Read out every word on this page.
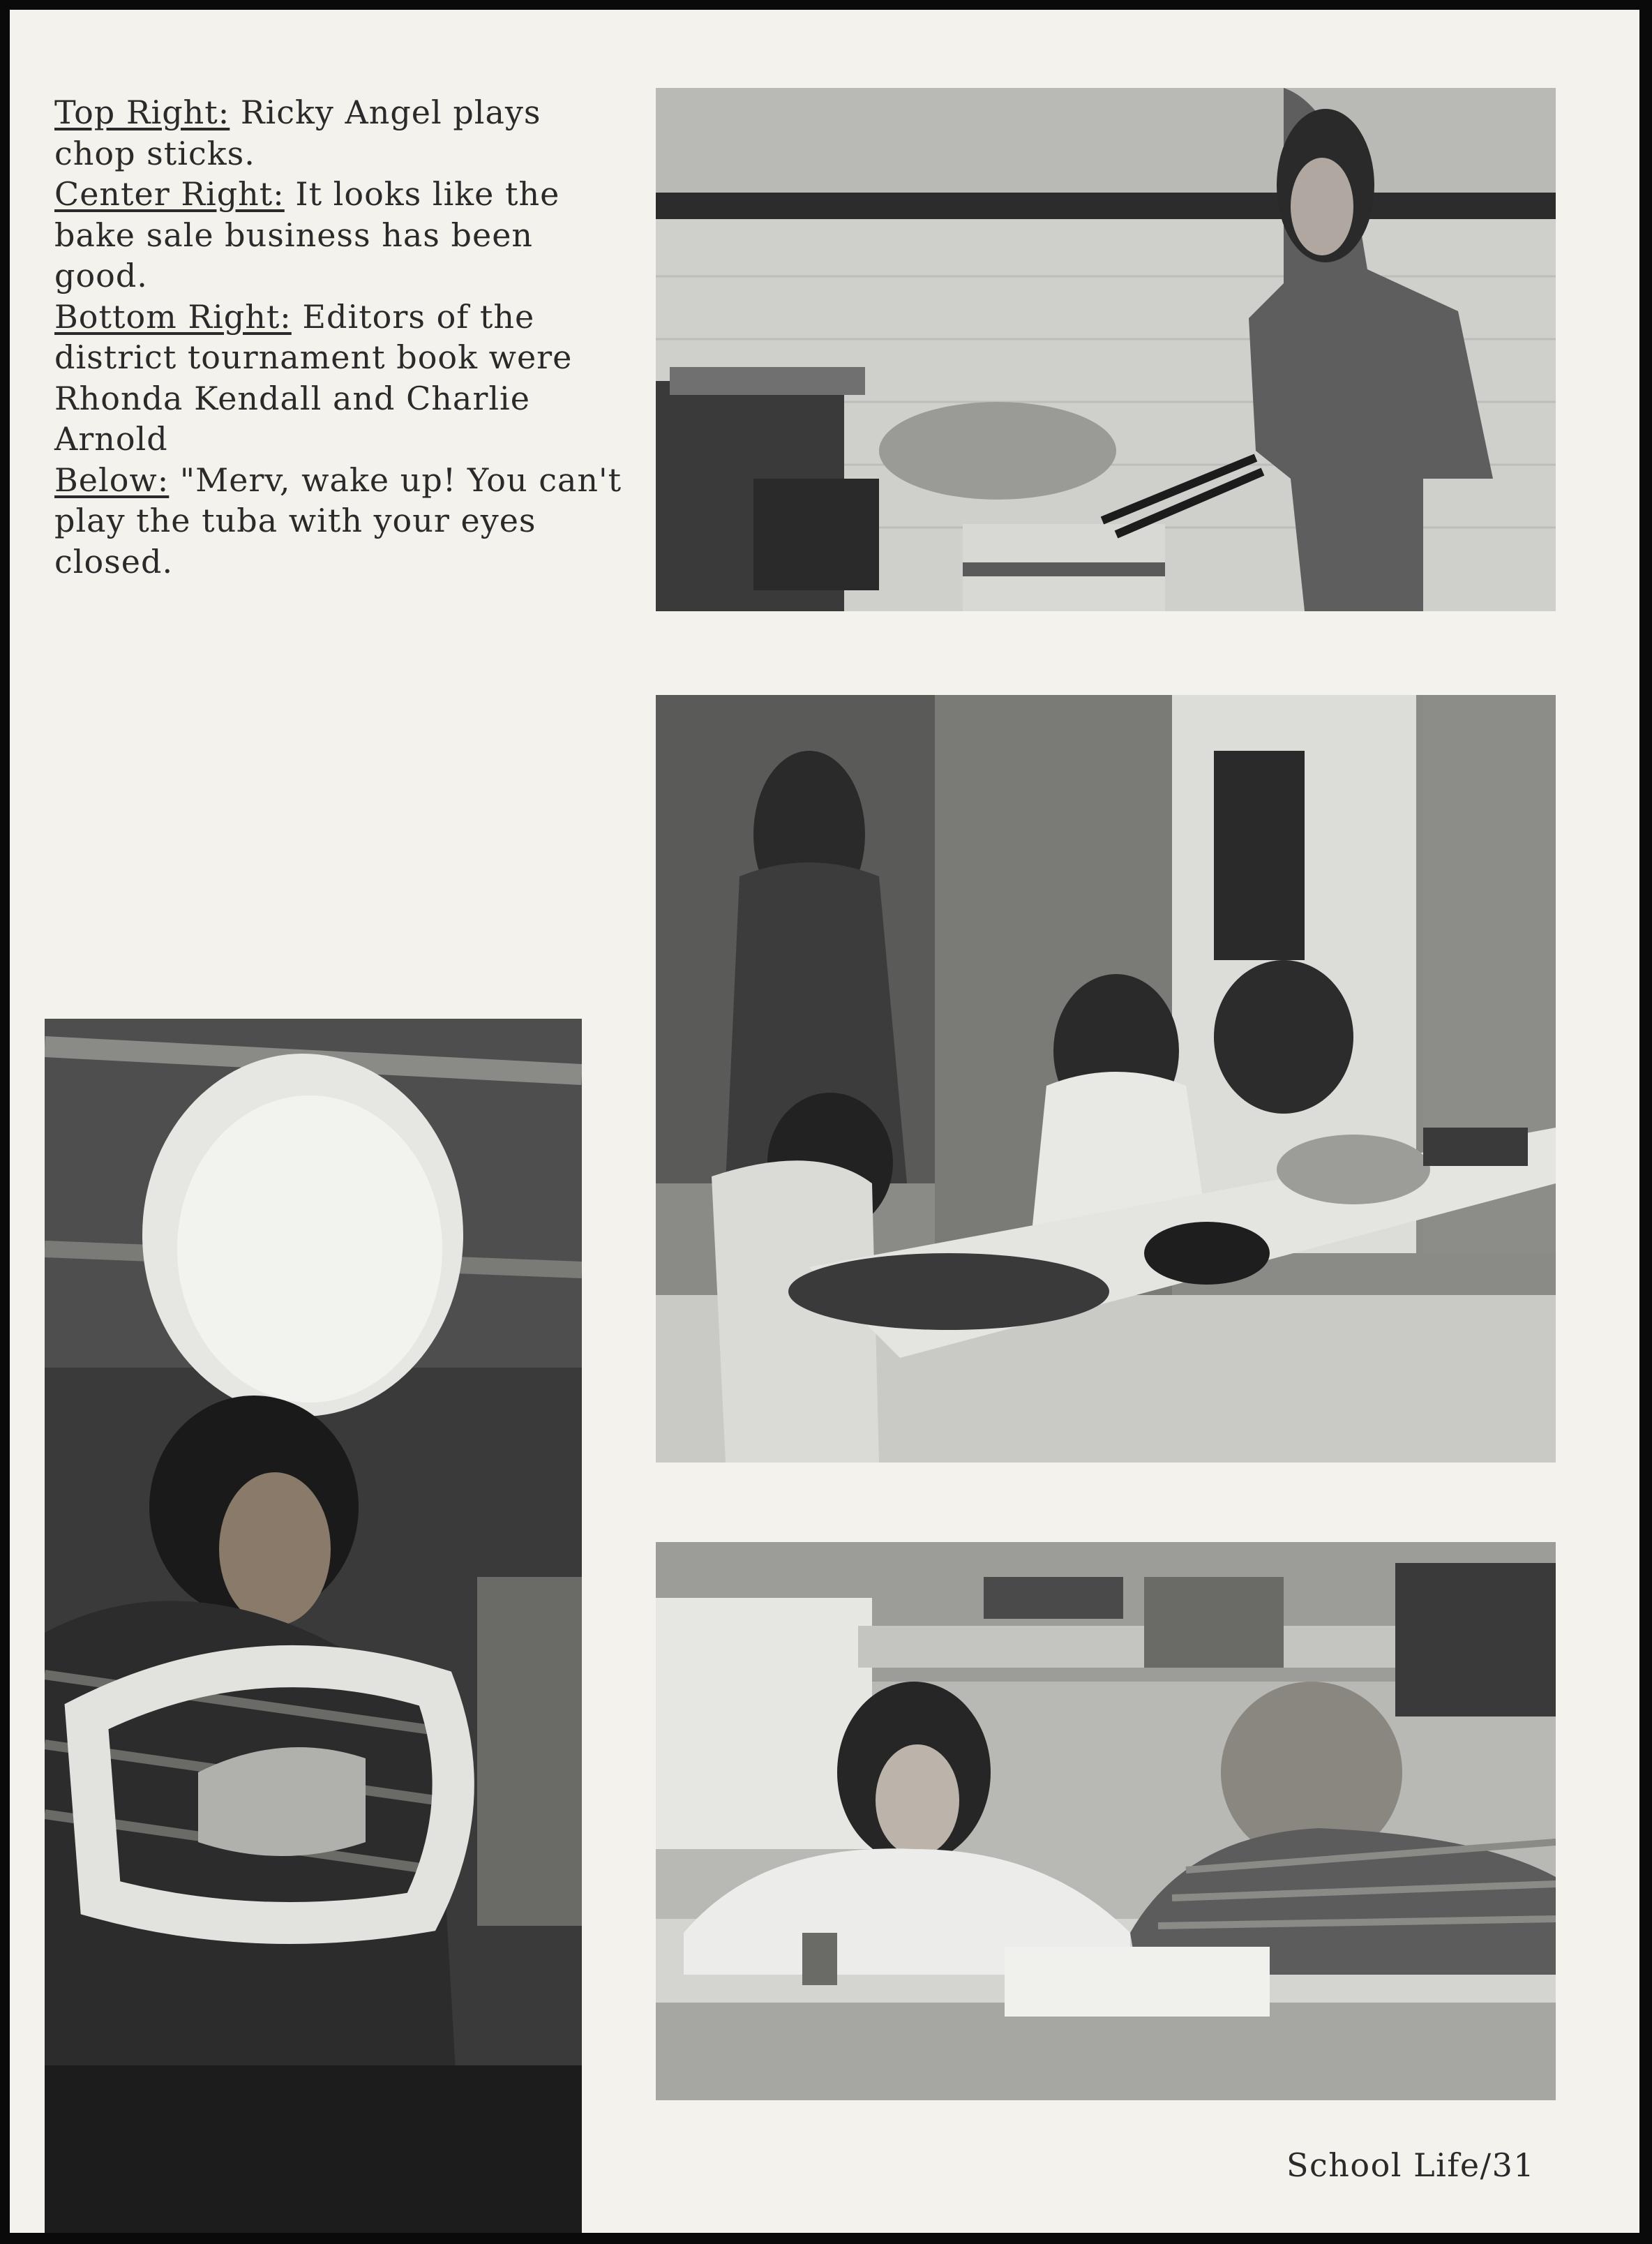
Top Right: Ricky Angel plays chop sticks.

Center Right: It looks like the bake sale business has been good.

Bottom Right: Editors of the district tournament book were Rhonda Kendall and Charlie Arnold

Below: "Merv, wake up! You can't play the tuba with your eyes closed.

School Life/31
